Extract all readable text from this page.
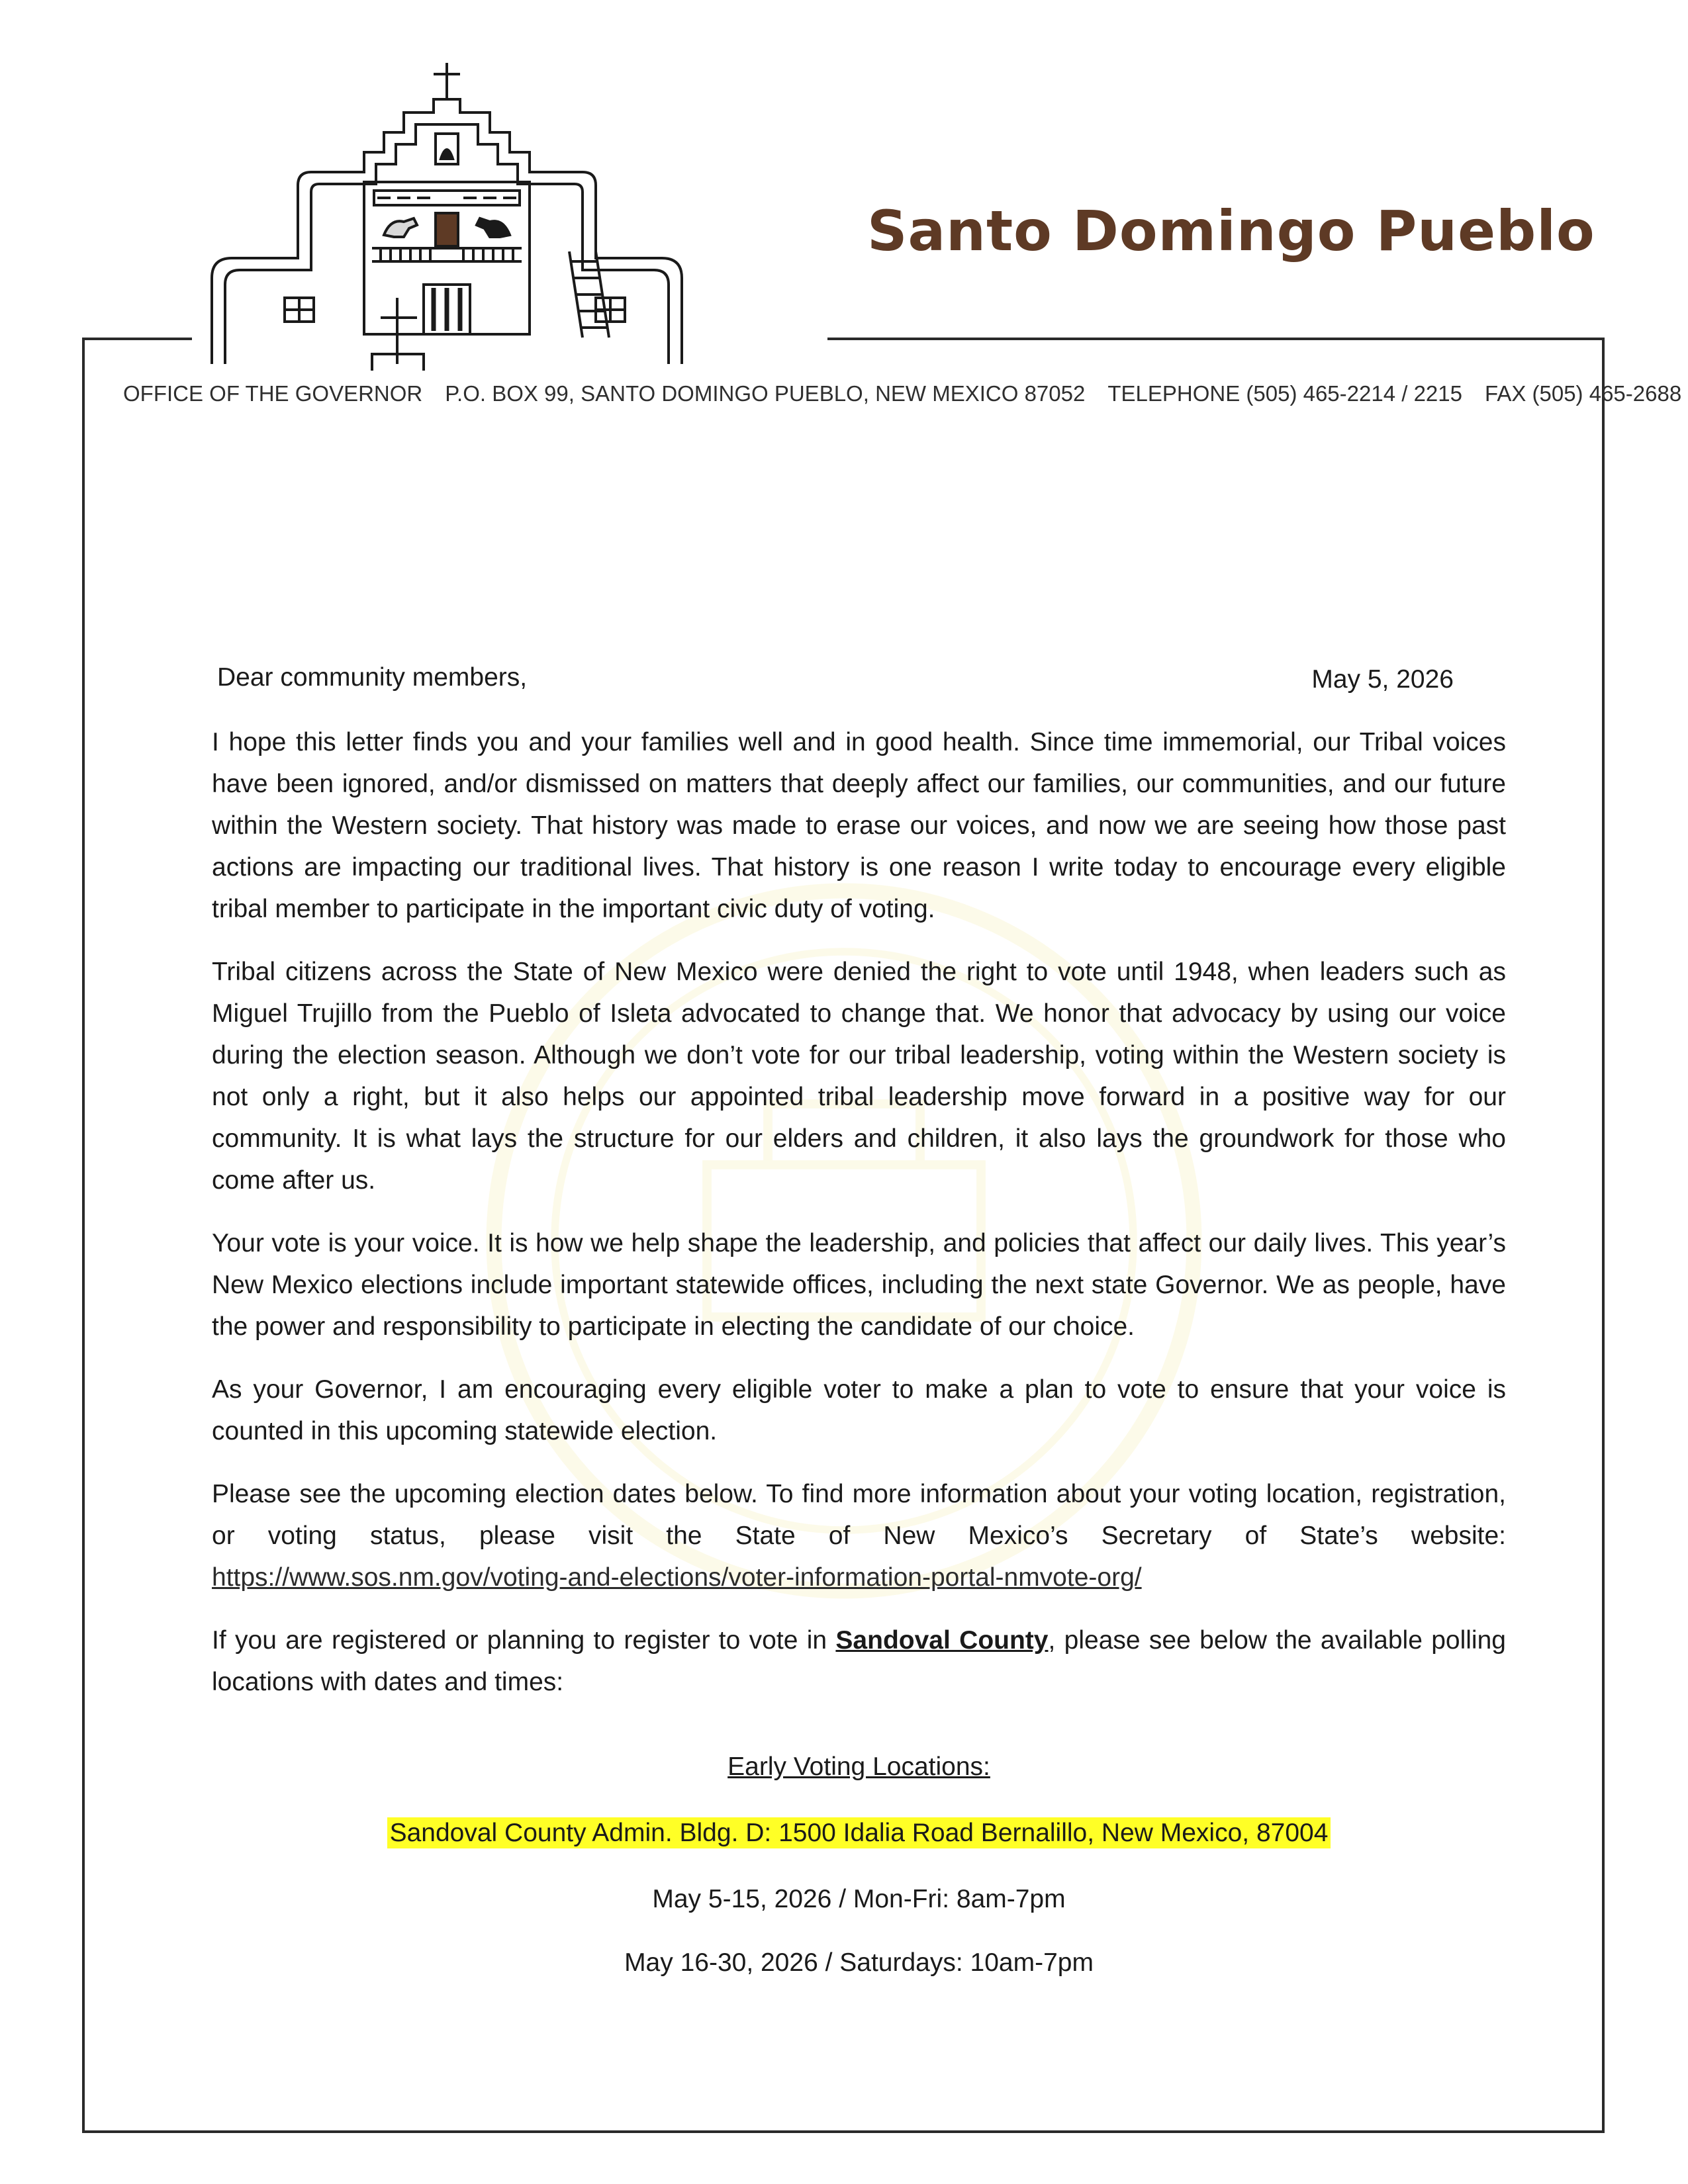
Santo Domingo Pueblo
OFFICE OF THE GOVERNOR P.O. BOX 99, SANTO DOMINGO PUEBLO, NEW MEXICO 87052 TELEPHONE (505) 465-2214 / 2215 FAX (505) 465-2688
Dear community members,	May 5, 2026

I hope this letter finds you and your families well and in good health. Since time immemorial, our Tribal voices have been ignored, and/or dismissed on matters that deeply affect our families, our communities, and our future within the Western society. That history was made to erase our voices, and now we are seeing how those past actions are impacting our traditional lives. That history is one reason I write today to encourage every eligible tribal member to participate in the important civic duty of voting.

Tribal citizens across the State of New Mexico were denied the right to vote until 1948, when leaders such as Miguel Trujillo from the Pueblo of Isleta advocated to change that. We honor that advocacy by using our voice during the election season. Although we don’t vote for our tribal leadership, voting within the Western society is not only a right, but it also helps our appointed tribal leadership move forward in a positive way for our community. It is what lays the structure for our elders and children, it also lays the groundwork for those who come after us.

Your vote is your voice. It is how we help shape the leadership, and policies that affect our daily lives. This year’s New Mexico elections include important statewide offices, including the next state Governor. We as people, have the power and responsibility to participate in electing the candidate of our choice.

As your Governor, I am encouraging every eligible voter to make a plan to vote to ensure that your voice is counted in this upcoming statewide election.

Please see the upcoming election dates below. To find more information about your voting location, registration, or voting status, please visit the State of New Mexico’s Secretary of State’s website: https://www.sos.nm.gov/voting-and-elections/voter-information-portal-nmvote-org/

If you are registered or planning to register to vote in Sandoval County, please see below the available polling locations with dates and times:

Early Voting Locations:
Sandoval County Admin. Bldg. D: 1500 Idalia Road Bernalillo, New Mexico, 87004
May 5-15, 2026 / Mon-Fri: 8am-7pm
May 16-30, 2026 / Saturdays: 10am-7pm
